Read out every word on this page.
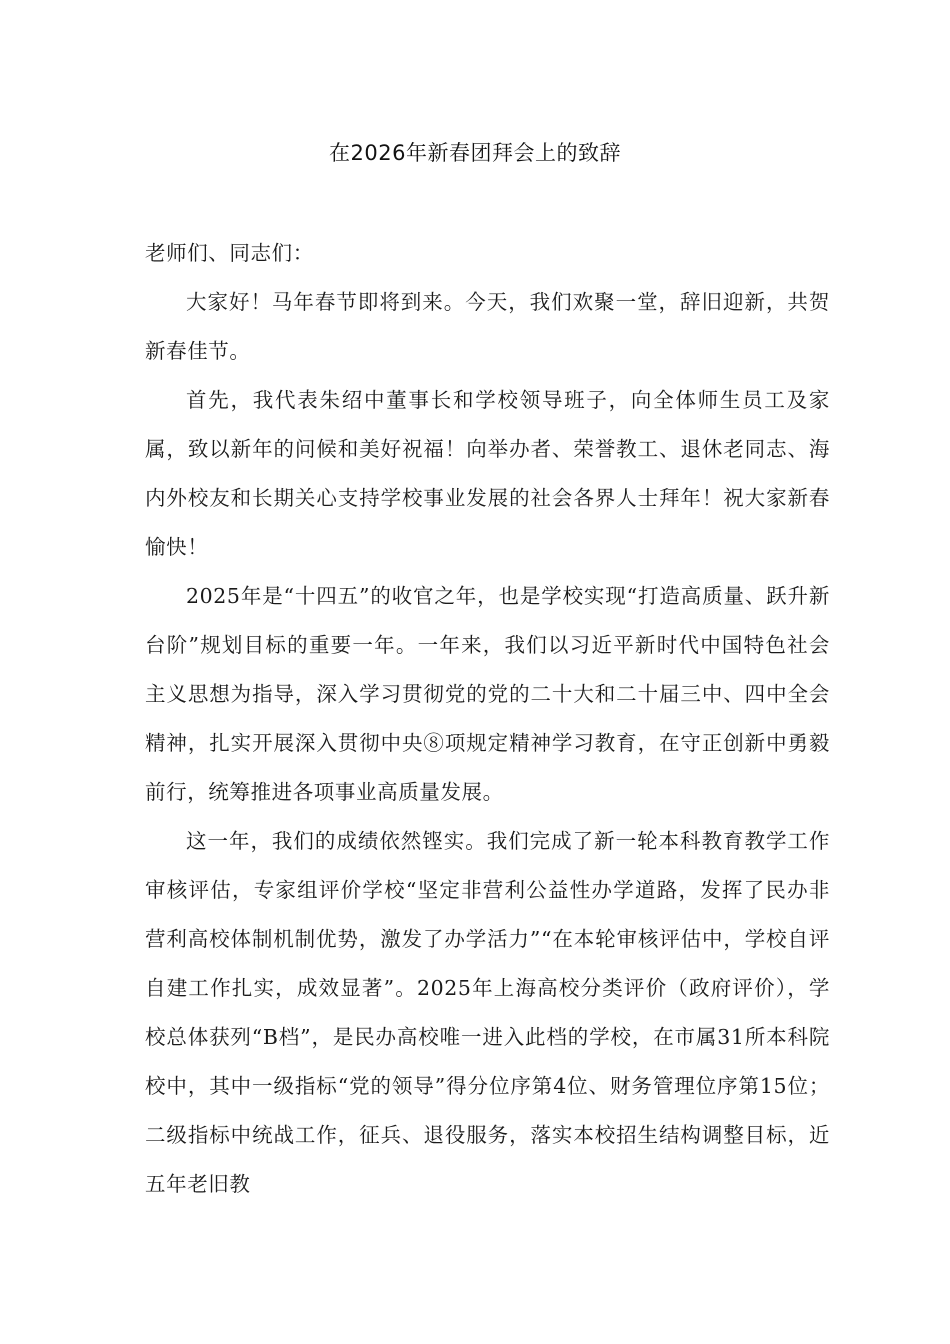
在2026年新春团拜会上的致辞

老师们、同志们：

大家好！马年春节即将到来。今天，我们欢聚一堂，辞旧迎新，共贺新春佳节。

首先，我代表朱绍中董事长和学校领导班子，向全体师生员工及家属，致以新年的问候和美好祝福！向举办者、荣誉教工、退休老同志、海内外校友和长期关心支持学校事业发展的社会各界人士拜年！祝大家新春愉快！

2025年是“十四五”的收官之年，也是学校实现“打造高质量、跃升新台阶”规划目标的重要一年。一年来，我们以习近平新时代中国特色社会主义思想为指导，深入学习贯彻党的党的二十大和二十届三中、四中全会精神，扎实开展深入贯彻中央⑧项规定精神学习教育，在守正创新中勇毅前行，统筹推进各项事业高质量发展。

这一年，我们的成绩依然铿实。我们完成了新一轮本科教育教学工作审核评估，专家组评价学校“坚定非营利公益性办学道路，发挥了民办非营利高校体制机制优势，激发了办学活力”“在本轮审核评估中，学校自评自建工作扎实，成效显著”。2025年上海高校分类评价（政府评价），学校总体获列“B档”，是民办高校唯一进入此档的学校，在市属31所本科院校中，其中一级指标“党的领导”得分位序第4位、财务管理位序第15位；二级指标中统战工作，征兵、退役服务，落实本校招生结构调整目标，近五年老旧教
